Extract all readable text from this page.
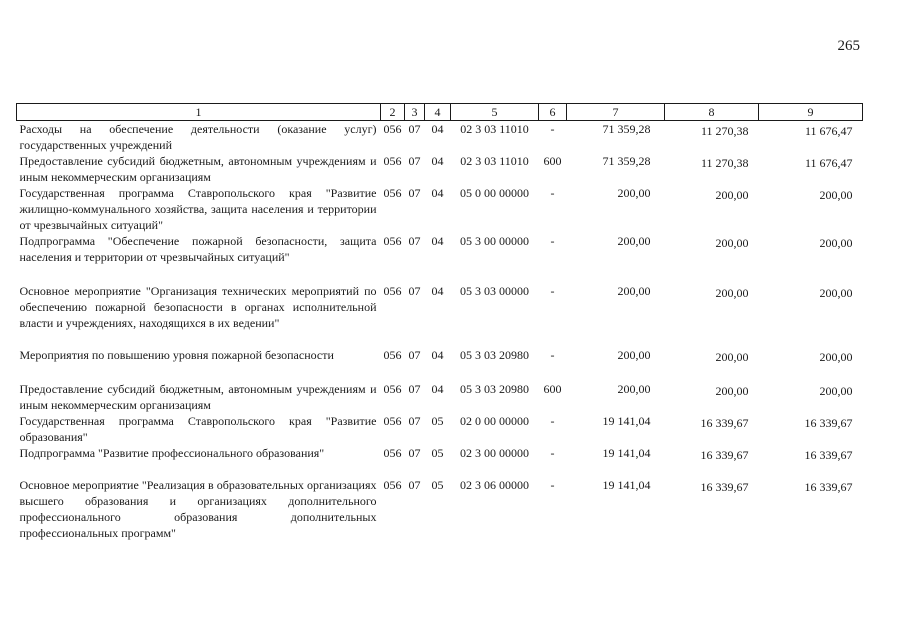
265
1	2	3	4	5	6	7	8	9
Расходы на обеспечение деятельности (оказание услуг) государственных учреждений	056	07	04	02 3 03 11010	-	71 359,28	11 270,38	11 676,47
Предоставление субсидий бюджетным, автономным учреждениям и иным некоммерческим организациям	056	07	04	02 3 03 11010	600	71 359,28	11 270,38	11 676,47
Государственная программа Ставропольского края "Развитие жилищно-коммунального хозяйства, защита населения и территории от чрезвычайных ситуаций"	056	07	04	05 0 00 00000	-	200,00	200,00	200,00
Подпрограмма "Обеспечение пожарной безопасности, защита населения и территории от чрезвычайных ситуаций"	056	07	04	05 3 00 00000	-	200,00	200,00	200,00
Основное мероприятие "Организация технических мероприятий по обеспечению пожарной безопасности в органах исполнительной власти и учреждениях, находящихся в их ведении"	056	07	04	05 3 03 00000	-	200,00	200,00	200,00
Мероприятия по повышению уровня пожарной безопасности	056	07	04	05 3 03 20980	-	200,00	200,00	200,00
Предоставление субсидий бюджетным, автономным учреждениям и иным некоммерческим организациям	056	07	04	05 3 03 20980	600	200,00	200,00	200,00
Государственная программа Ставропольского края "Развитие образования"	056	07	05	02 0 00 00000	-	19 141,04	16 339,67	16 339,67
Подпрограмма "Развитие профессионального образования"	056	07	05	02 3 00 00000	-	19 141,04	16 339,67	16 339,67
Основное мероприятие "Реализация в образовательных организациях высшего образования и организациях дополнительного профессионального образования дополнительных профессиональных программ"	056	07	05	02 3 06 00000	-	19 141,04	16 339,67	16 339,67
